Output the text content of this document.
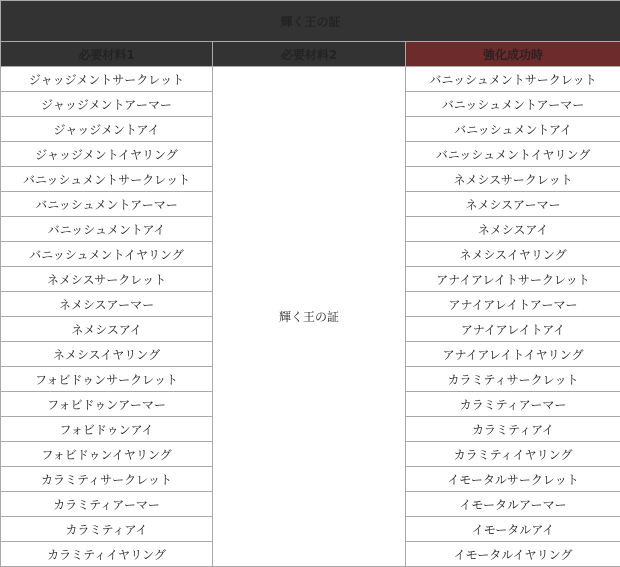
輝く王の証		
必要材料1	必要材料2	強化成功時
ジャッジメントサークレット	輝く王の証	バニッシュメントサークレット
ジャッジメントアーマー		バニッシュメントアーマー
ジャッジメントアイ		バニッシュメントアイ
ジャッジメントイヤリング		バニッシュメントイヤリング
バニッシュメントサークレット		ネメシスサークレット
バニッシュメントアーマー		ネメシスアーマー
バニッシュメントアイ		ネメシスアイ
バニッシュメントイヤリング		ネメシスイヤリング
ネメシスサークレット		アナイアレイトサークレット
ネメシスアーマー		アナイアレイトアーマー
ネメシスアイ		アナイアレイトアイ
ネメシスイヤリング		アナイアレイトイヤリング
フォビドゥンサークレット		カラミティサークレット
フォビドゥンアーマー		カラミティアーマー
フォビドゥンアイ		カラミティアイ
フォビドゥンイヤリング		カラミティイヤリング
カラミティサークレット		イモータルサークレット
カラミティアーマー		イモータルアーマー
カラミティアイ		イモータルアイ
カラミティイヤリング		イモータルイヤリング
